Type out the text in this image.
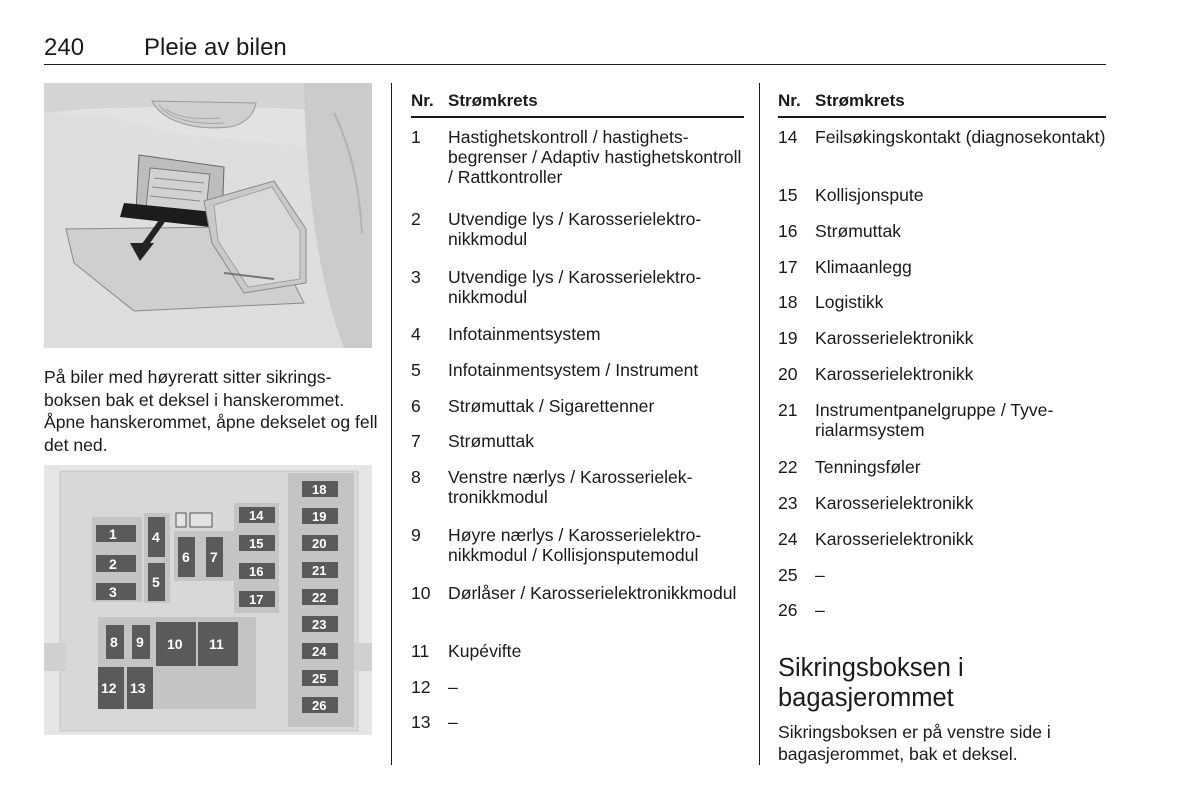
240 Pleie av bilen

På biler med høyreratt sitter sikringsboksen bak et deksel i hanskerommet. Åpne hanskerommet, åpne dekselet og fell det ned.

1
2
3
4
5
6 7
8 9 10 11
12 13
14
15
16
17
18
19
20
21
22
23
24
25
26
Nr. Strømkrets
1 Hastighetskontroll / hastighetsbegrenser / Adaptiv hastighetskontroll / Rattkontroller
2 Utvendige lys / Karosserielektronikkmodul
3 Utvendige lys / Karosserielektronikkmodul
4 Infotainmentsystem
5 Infotainmentsystem / Instrument
6 Strømuttak / Sigarettenner
7 Strømuttak
8 Venstre nærlys / Karosserielektronikkmodul
9 Høyre nærlys / Karosserielektronikkmodul / Kollisjonsputemodul
10 Dørlåser / Karosserielektronikkmodul
11 Kupévifte
12 –
13 –
Nr. Strømkrets
14 Feilsøkingskontakt (diagnosekontakt)
15 Kollisjonspute
16 Strømuttak
17 Klimaanlegg
18 Logistikk
19 Karosserielektronikk
20 Karosserielektronikk
21 Instrumentpanelgruppe / Tyverialarmsystem
22 Tenningsføler
23 Karosserielektronikk
24 Karosserielektronikk
25 –
26 –
Sikringsboksen i bagasjerommet

Sikringsboksen er på venstre side i bagasjerommet, bak et deksel.
